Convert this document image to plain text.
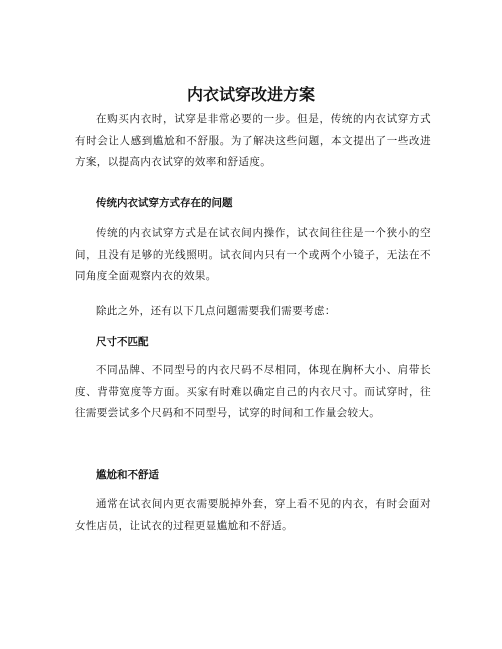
内衣试穿改进方案

在购买内衣时，试穿是非常必要的一步。但是，传统的内衣试穿方式有时会让人感到尴尬和不舒服。为了解决这些问题，本文提出了一些改进方案，以提高内衣试穿的效率和舒适度。

传统内衣试穿方式存在的问题

传统的内衣试穿方式是在试衣间内操作，试衣间往往是一个狭小的空间，且没有足够的光线照明。试衣间内只有一个或两个小镜子，无法在不同角度全面观察内衣的效果。

除此之外，还有以下几点问题需要我们需要考虑：

尺寸不匹配

不同品牌、不同型号的内衣尺码不尽相同，体现在胸杯大小、肩带长度、背带宽度等方面。买家有时难以确定自己的内衣尺寸。而试穿时，往往需要尝试多个尺码和不同型号，试穿的时间和工作量会较大。

尴尬和不舒适

通常在试衣间内更衣需要脱掉外套，穿上看不见的内衣，有时会面对女性店员，让试衣的过程更显尴尬和不舒适。
